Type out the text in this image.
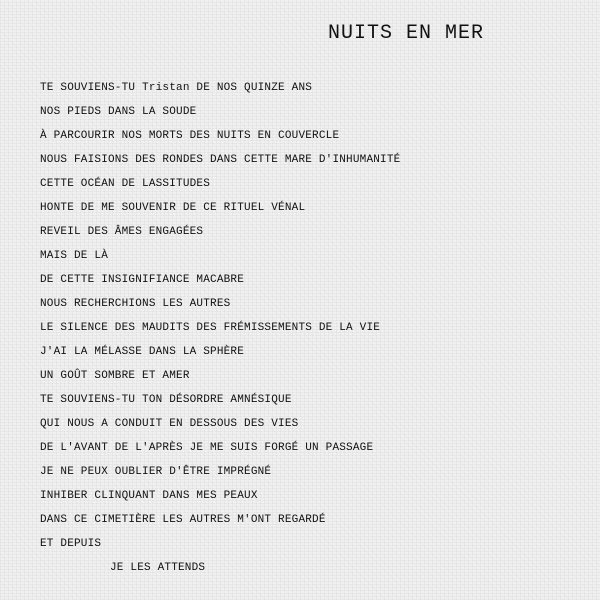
NUITS EN MER
TE SOUVIENS-TU Tristan DE NOS QUINZE ANS
NOS PIEDS DANS LA SOUDE
À PARCOURIR NOS MORTS DES NUITS EN COUVERCLE
NOUS FAISIONS DES RONDES DANS CETTE MARE D'INHUMANITÉ
CETTE OCÉAN DE LASSITUDES
HONTE DE ME SOUVENIR DE CE RITUEL VÉNAL
REVEIL DES ÂMES ENGAGÉES
MAIS DE LÀ
DE CETTE INSIGNIFIANCE MACABRE
NOUS RECHERCHIONS LES AUTRES
LE SILENCE DES MAUDITS DES FRÉMISSEMENTS DE LA VIE
J'AI LA MÉLASSE DANS LA SPHÈRE
UN GOÛT SOMBRE ET AMER
TE SOUVIENS-TU TON DÉSORDRE AMNÉSIQUE
QUI NOUS A CONDUIT EN DESSOUS DES VIES
DE L'AVANT DE L'APRÈS JE ME SUIS FORGÉ UN PASSAGE
JE NE PEUX OUBLIER D'ÊTRE IMPRÉGNÉ
INHIBER CLINQUANT DANS MES PEAUX
DANS CE CIMETIÈRE LES AUTRES M'ONT REGARDÉ
ET DEPUIS
JE LES ATTENDS
